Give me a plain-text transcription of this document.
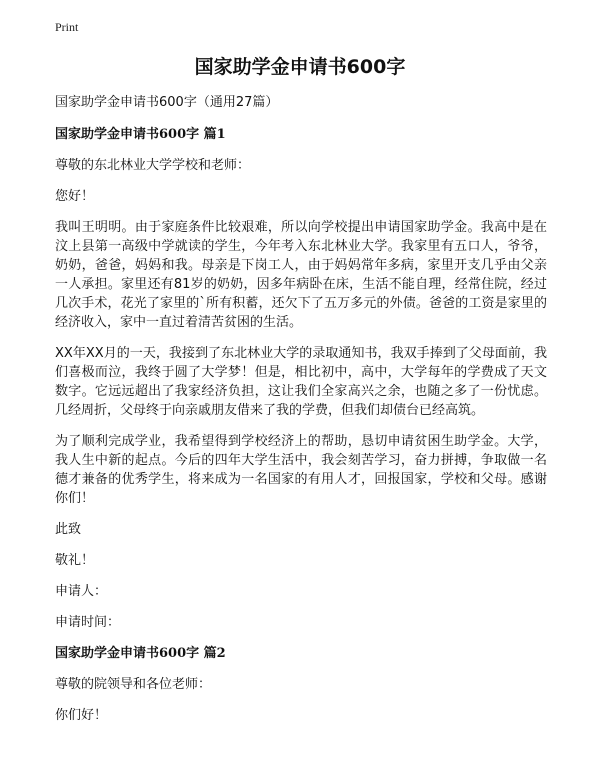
Print
国家助学金申请书600字

国家助学金申请书600字（通用27篇）

国家助学金申请书600字 篇1

尊敬的东北林业大学学校和老师：

您好！

我叫王明明。由于家庭条件比较艰难，所以向学校提出申请国家助学金。我高中是在汶上县第一高级中学就读的学生，今年考入东北林业大学。我家里有五口人，爷爷，奶奶，爸爸，妈妈和我。母亲是下岗工人，由于妈妈常年多病，家里开支几乎由父亲一人承担。家里还有81岁的奶奶，因多年病卧在床，生活不能自理，经常住院，经过几次手术，花光了家里的`所有积蓄，还欠下了五万多元的外债。爸爸的工资是家里的经济收入，家中一直过着清苦贫困的生活。

XX年XX月的一天，我接到了东北林业大学的录取通知书，我双手捧到了父母面前，我们喜极而泣，我终于圆了大学梦！但是，相比初中，高中，大学每年的学费成了天文数字。它远远超出了我家经济负担，这让我们全家高兴之余，也随之多了一份忧虑。几经周折，父母终于向亲戚朋友借来了我的学费，但我们却债台已经高筑。

为了顺利完成学业，我希望得到学校经济上的帮助，恳切申请贫困生助学金。大学，我人生中新的起点。今后的四年大学生活中，我会刻苦学习，奋力拼搏，争取做一名德才兼备的优秀学生，将来成为一名国家的有用人才，回报国家，学校和父母。感谢你们！

此致

敬礼！

申请人：

申请时间：

国家助学金申请书600字 篇2

尊敬的院领导和各位老师：

你们好！
